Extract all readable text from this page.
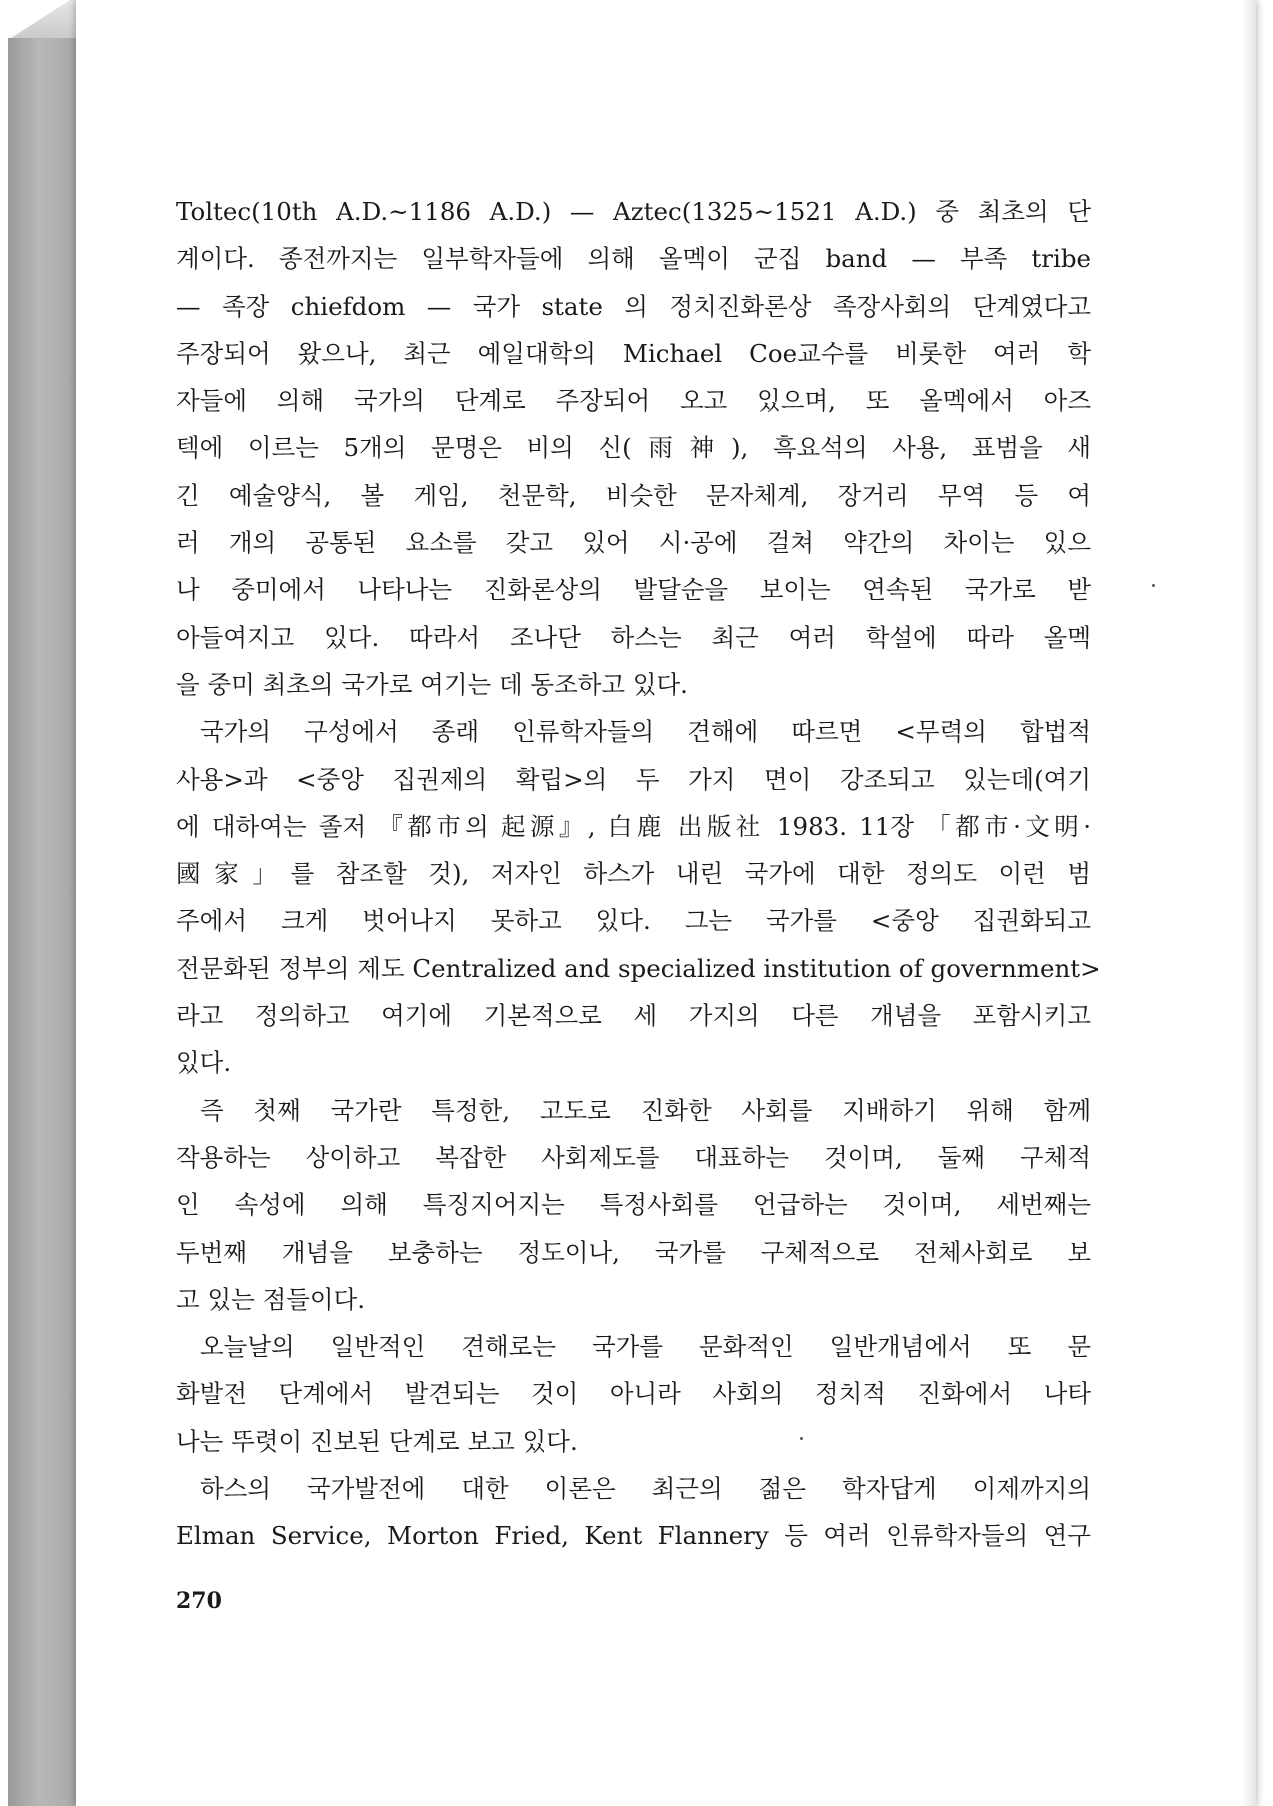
Toltec(10th A.D.~1186 A.D.) — Aztec(1325~1521 A.D.) 중 최초의 단
계이다. 종전까지는 일부학자들에 의해 올멕이 군집 band — 부족 tribe
— 족장 chiefdom — 국가 state 의 정치진화론상 족장사회의 단계였다고
주장되어 왔으나, 최근 예일대학의 Michael Coe교수를 비롯한 여러 학
자들에 의해 국가의 단계로 주장되어 오고 있으며, 또 올멕에서 아즈
텍에 이르는 5개의 문명은 비의 신(雨神), 흑요석의 사용, 표범을 새
긴 예술양식, 볼 게임, 천문학, 비슷한 문자체계, 장거리 무역 등 여
러 개의 공통된 요소를 갖고 있어 시·공에 걸쳐 약간의 차이는 있으
나 중미에서 나타나는 진화론상의 발달순을 보이는 연속된 국가로 받
아들여지고 있다. 따라서 조나단 하스는 최근 여러 학설에 따라 올멕
을 중미 최초의 국가로 여기는 데 동조하고 있다.
국가의 구성에서 종래 인류학자들의 견해에 따르면 <무력의 합법적
사용>과 <중앙 집권제의 확립>의 두 가지 면이 강조되고 있는데(여기
에 대하여는 졸저 『都市의 起源』, 白鹿 出版社 1983. 11장 「都市·文明·
國家」를 참조할 것), 저자인 하스가 내린 국가에 대한 정의도 이런 범
주에서 크게 벗어나지 못하고 있다. 그는 국가를 <중앙 집권화되고
전문화된 정부의 제도 Centralized and specialized institution of government>
라고 정의하고 여기에 기본적으로 세 가지의 다른 개념을 포함시키고
있다.
즉 첫째 국가란 특정한, 고도로 진화한 사회를 지배하기 위해 함께
작용하는 상이하고 복잡한 사회제도를 대표하는 것이며, 둘째 구체적
인 속성에 의해 특징지어지는 특정사회를 언급하는 것이며, 세번째는
두번째 개념을 보충하는 정도이나, 국가를 구체적으로 전체사회로 보
고 있는 점들이다.
오늘날의 일반적인 견해로는 국가를 문화적인 일반개념에서 또 문
화발전 단계에서 발견되는 것이 아니라 사회의 정치적 진화에서 나타
나는 뚜렷이 진보된 단계로 보고 있다.
하스의 국가발전에 대한 이론은 최근의 젊은 학자답게 이제까지의
Elman Service, Morton Fried, Kent Flannery 등 여러 인류학자들의 연구
270
